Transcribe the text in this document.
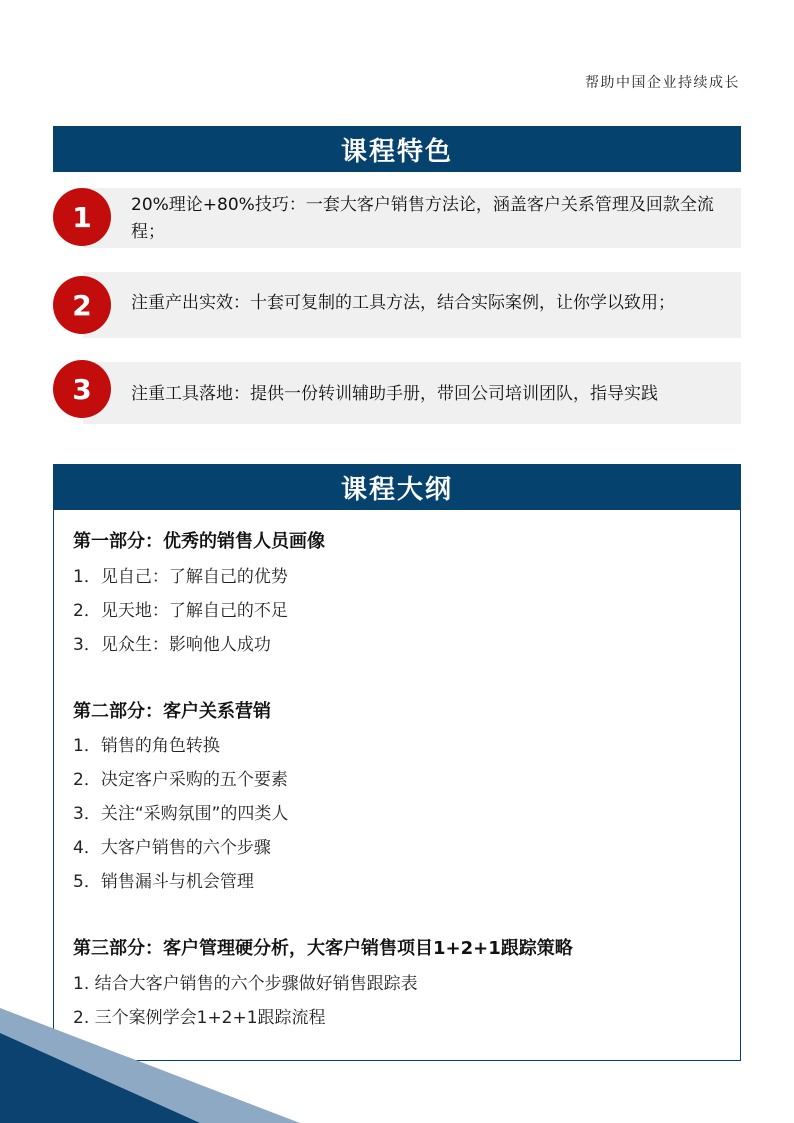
帮助中国企业持续成长
课程特色
1	20%理论+80%技巧：一套大客户销售方法论，涵盖客户关系管理及回款全流程；
2	注重产出实效：十套可复制的工具方法，结合实际案例，让你学以致用；
3	注重工具落地：提供一份转训辅助手册，带回公司培训团队，指导实践
课程大纲
第一部分：优秀的销售人员画像
1．见自己：了解自己的优势
2．见天地：了解自己的不足
3．见众生：影响他人成功
第二部分：客户关系营销
1．销售的角色转换
2．决定客户采购的五个要素
3．关注“采购氛围”的四类人
4．大客户销售的六个步骤
5．销售漏斗与机会管理
第三部分：客户管理硬分析，大客户销售项目1+2+1跟踪策略
1. 结合大客户销售的六个步骤做好销售跟踪表
2. 三个案例学会1+2+1跟踪流程
